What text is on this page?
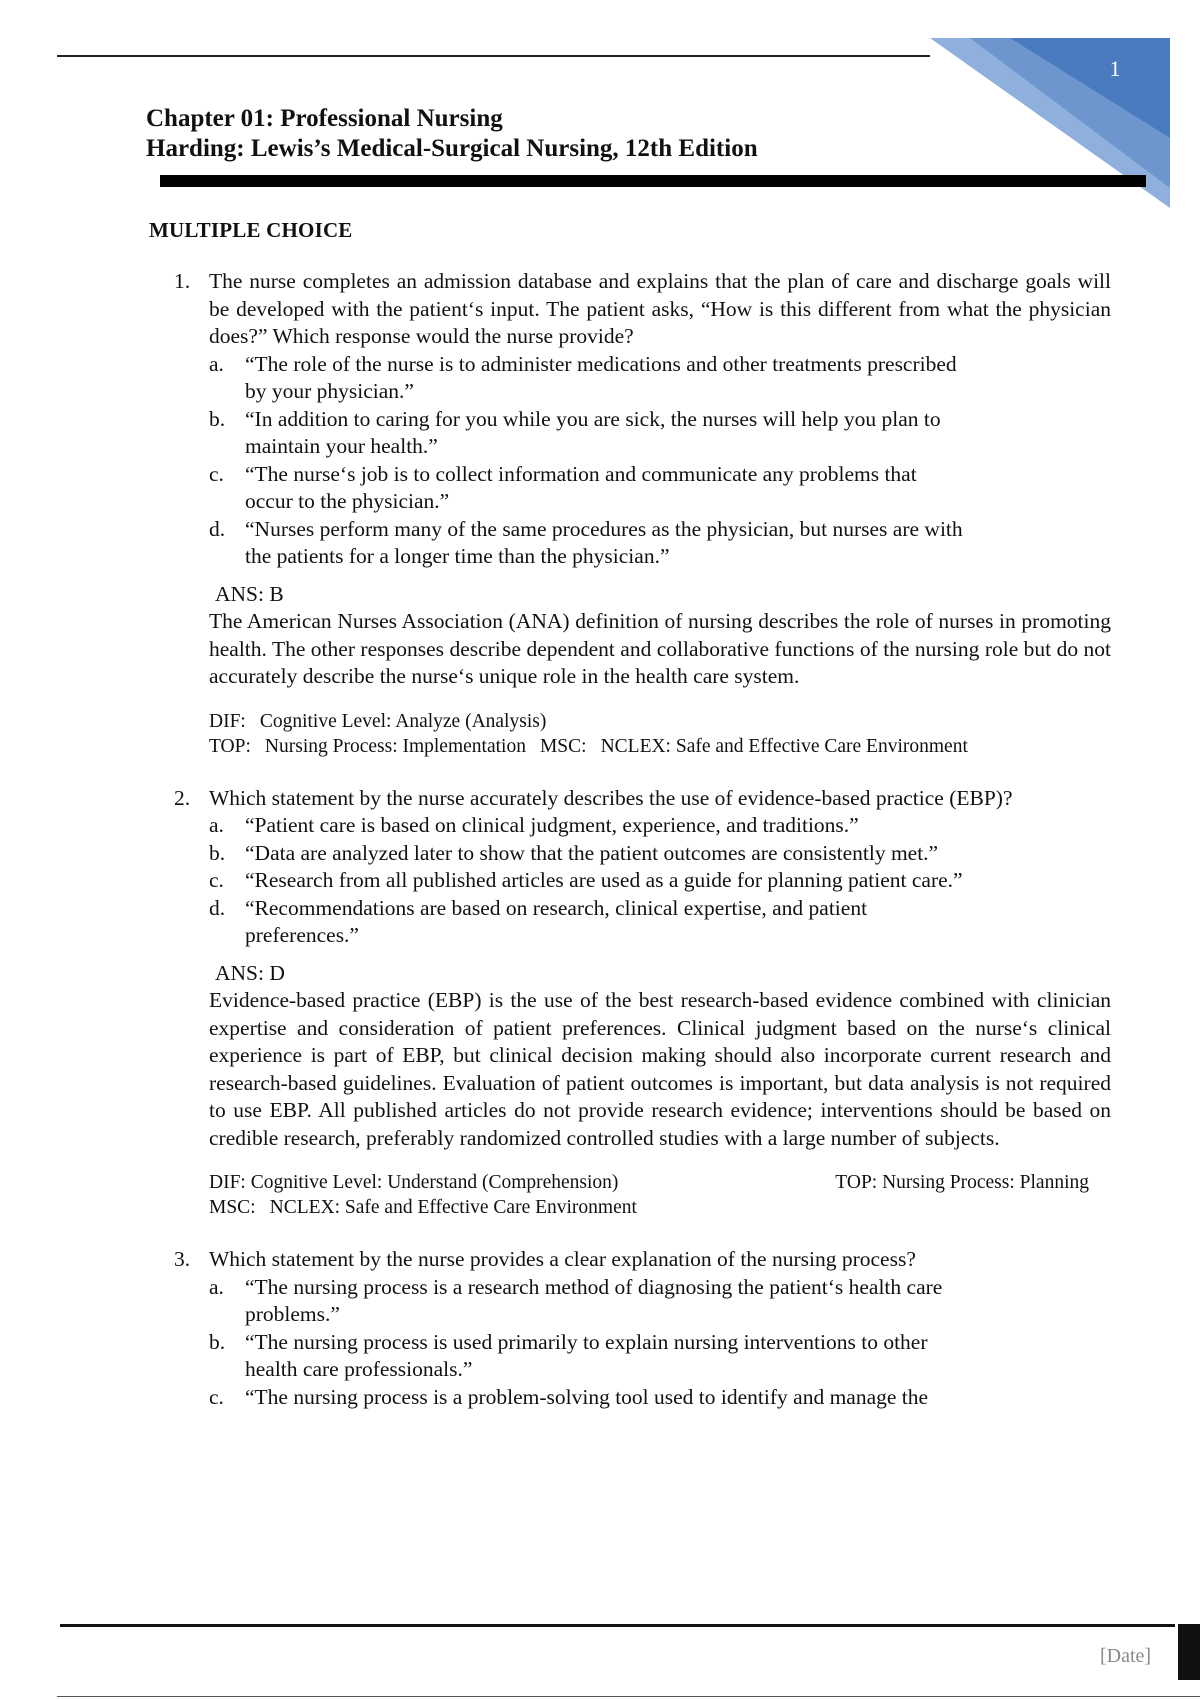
1
Chapter 01: Professional Nursing
Harding: Lewis’s Medical-Surgical Nursing, 12th Edition
MULTIPLE CHOICE
1. The nurse completes an admission database and explains that the plan of care and discharge goals will be developed with the patient‘s input. The patient asks, “How is this different from what the physician does?” Which response would the nurse provide?
a. “The role of the nurse is to administer medications and other treatments prescribed by your physician.”
b. “In addition to caring for you while you are sick, the nurses will help you plan to maintain your health.”
c. “The nurse‘s job is to collect information and communicate any problems that occur to the physician.”
d. “Nurses perform many of the same procedures as the physician, but nurses are with the patients for a longer time than the physician.”
ANS: B
The American Nurses Association (ANA) definition of nursing describes the role of nurses in promoting health. The other responses describe dependent and collaborative functions of the nursing role but do not accurately describe the nurse‘s unique role in the health care system.
DIF: Cognitive Level: Analyze (Analysis)
TOP: Nursing Process: Implementation MSC: NCLEX: Safe and Effective Care Environment
2. Which statement by the nurse accurately describes the use of evidence-based practice (EBP)?
a. “Patient care is based on clinical judgment, experience, and traditions.”
b. “Data are analyzed later to show that the patient outcomes are consistently met.”
c. “Research from all published articles are used as a guide for planning patient care.”
d. “Recommendations are based on research, clinical expertise, and patient preferences.”
ANS: D
Evidence-based practice (EBP) is the use of the best research-based evidence combined with clinician expertise and consideration of patient preferences. Clinical judgment based on the nurse‘s clinical experience is part of EBP, but clinical decision making should also incorporate current research and research-based guidelines. Evaluation of patient outcomes is important, but data analysis is not required to use EBP. All published articles do not provide research evidence; interventions should be based on credible research, preferably randomized controlled studies with a large number of subjects.
DIF: Cognitive Level: Understand (Comprehension)	TOP: Nursing Process: Planning
MSC: NCLEX: Safe and Effective Care Environment
3. Which statement by the nurse provides a clear explanation of the nursing process?
a. “The nursing process is a research method of diagnosing the patient‘s health care problems.”
b. “The nursing process is used primarily to explain nursing interventions to other health care professionals.”
c. “The nursing process is a problem-solving tool used to identify and manage the
[Date]
